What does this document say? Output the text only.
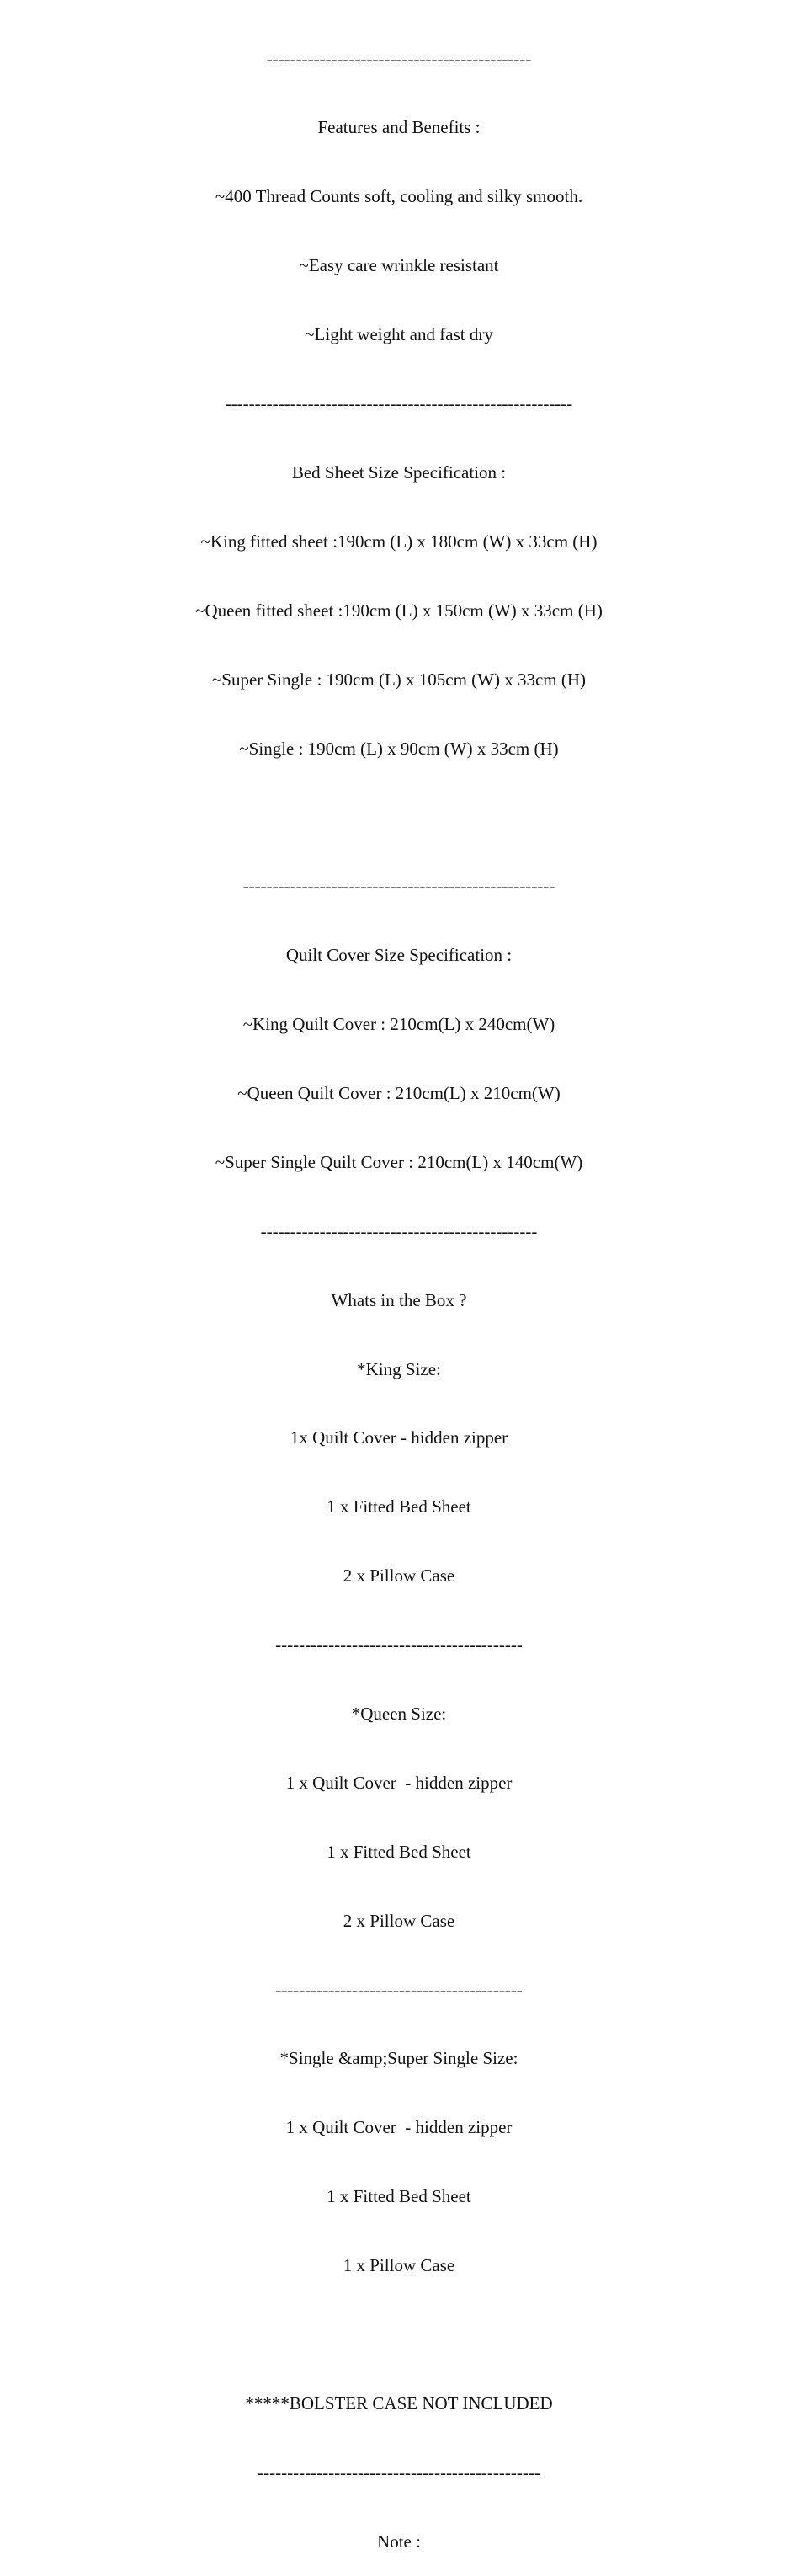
---------------------------------------------

Features and Benefits :

~400 Thread Counts soft, cooling and silky smooth.

~Easy care wrinkle resistant

~Light weight and fast dry

-----------------------------------------------------------

Bed Sheet Size Specification :

~King fitted sheet :190cm (L) x 180cm (W) x 33cm (H)

~Queen fitted sheet :190cm (L) x 150cm (W) x 33cm (H)

~Super Single : 190cm (L) x 105cm (W) x 33cm (H)

~Single : 190cm (L) x 90cm (W) x 33cm (H)

-----------------------------------------------------

Quilt Cover Size Specification :

~King Quilt Cover : 210cm(L) x 240cm(W)

~Queen Quilt Cover : 210cm(L) x 210cm(W)

~Super Single Quilt Cover : 210cm(L) x 140cm(W)

-----------------------------------------------

Whats in the Box ?

*King Size:

1x Quilt Cover - hidden zipper

1 x Fitted Bed Sheet

2 x Pillow Case

------------------------------------------

*Queen Size:

1 x Quilt Cover  - hidden zipper

1 x Fitted Bed Sheet

2 x Pillow Case

------------------------------------------

*Single &amp;Super Single Size:

1 x Quilt Cover  - hidden zipper

1 x Fitted Bed Sheet

1 x Pillow Case

*****BOLSTER CASE NOT INCLUDED

------------------------------------------------

Note :
